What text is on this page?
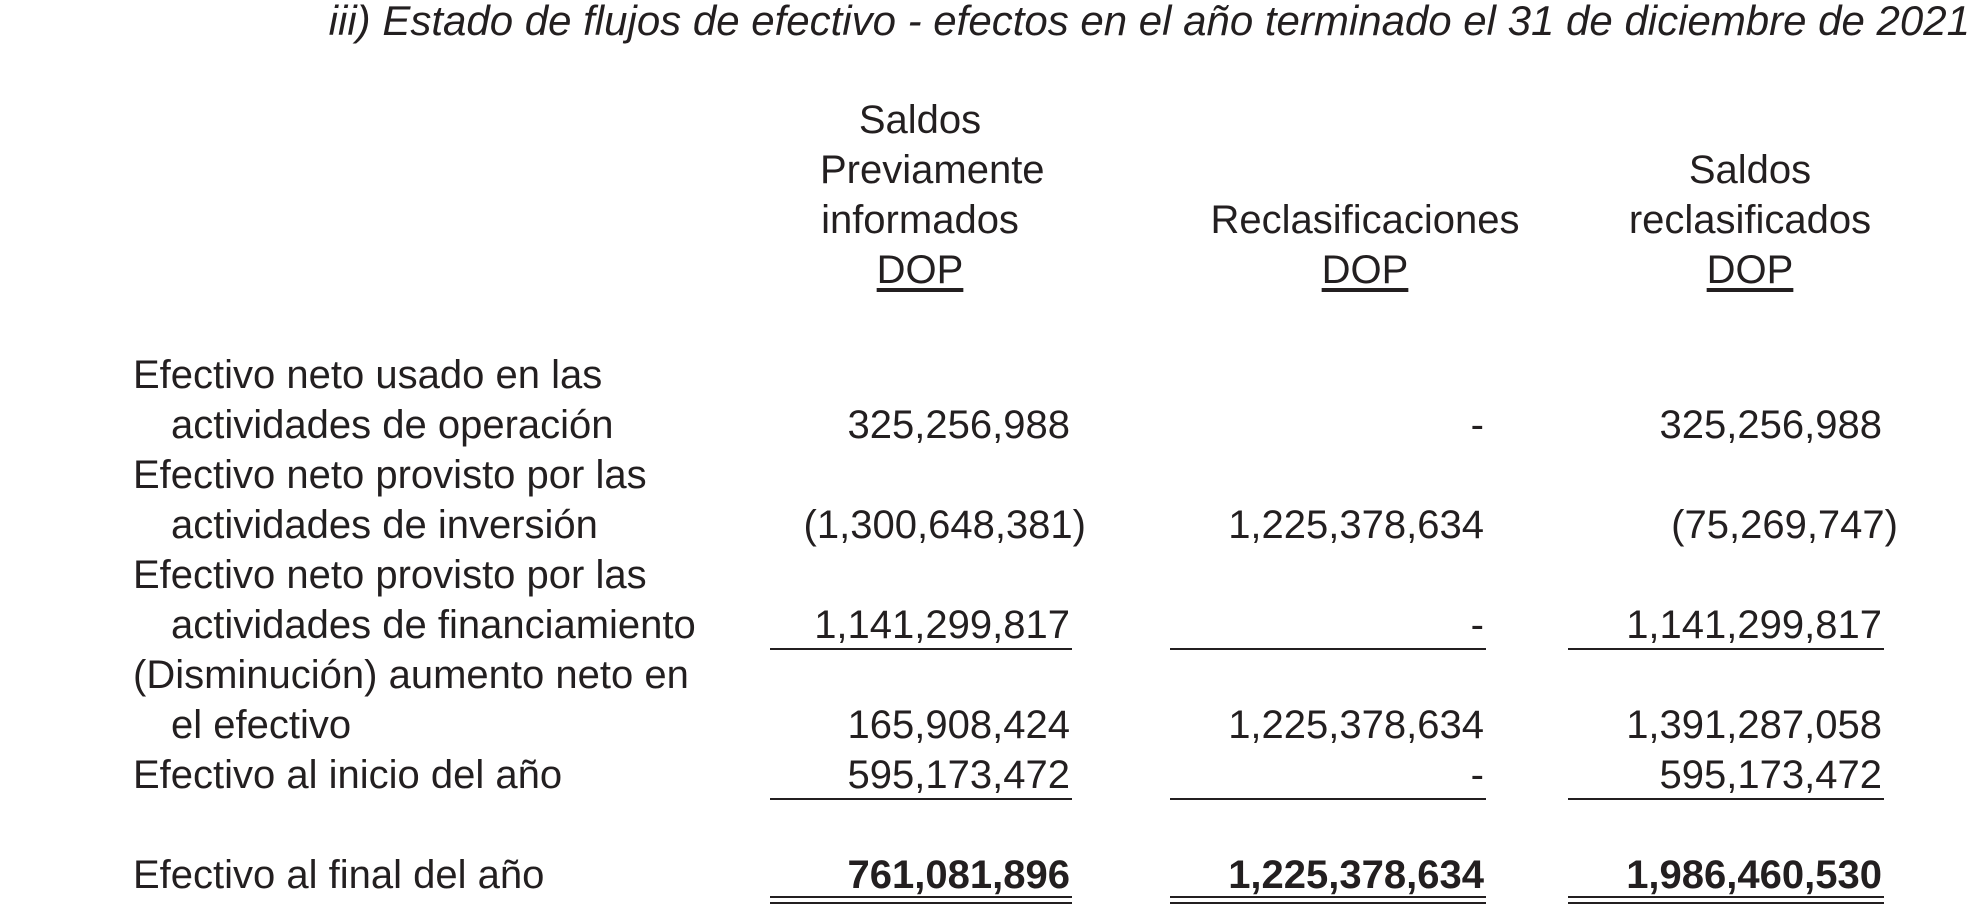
iii) Estado de flujos de efectivo - efectos en el año terminado el 31 de diciembre de 2021
Saldos
Previamente
informados
DOP
Reclasificaciones
DOP
Saldos
reclasificados
DOP
Efectivo neto usado en las
actividades de operación	325,256,988	-	325,256,988
Efectivo neto provisto por las
actividades de inversión	(1,300,648,381)	1,225,378,634	(75,269,747)
Efectivo neto provisto por las
actividades de financiamiento	1,141,299,817	-	1,141,299,817
(Disminución) aumento neto en
el efectivo	165,908,424	1,225,378,634	1,391,287,058
Efectivo al inicio del año	595,173,472	-	595,173,472
Efectivo al final del año	761,081,896	1,225,378,634	1,986,460,530
